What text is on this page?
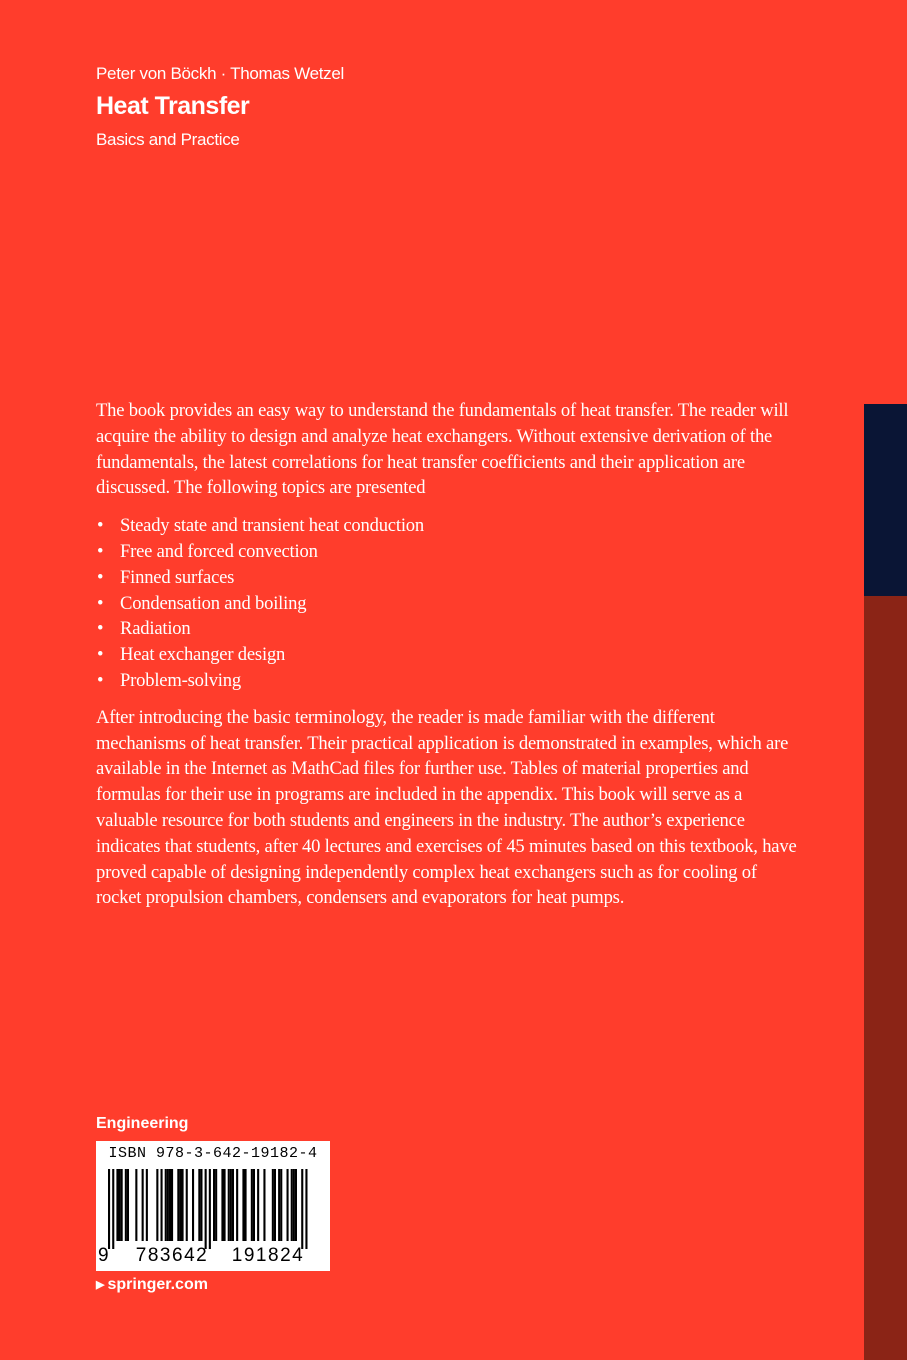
Peter von Böckh · Thomas Wetzel
Heat Transfer
Basics and Practice

The book provides an easy way to understand the fundamentals of heat transfer. The reader will acquire the ability to design and analyze heat exchangers. Without extensive derivation of the fundamentals, the latest correlations for heat transfer coefficients and their application are discussed. The following topics are presented

• Steady state and transient heat conduction
• Free and forced convection
• Finned surfaces
• Condensation and boiling
• Radiation
• Heat exchanger design
• Problem-solving

After introducing the basic terminology, the reader is made familiar with the different mechanisms of heat transfer. Their practical application is demonstrated in examples, which are available in the Internet as MathCad files for further use. Tables of material properties and formulas for their use in programs are included in the appendix. This book will serve as a valuable resource for both students and engineers in the industry. The author’s experience indicates that students, after 40 lectures and exercises of 45 minutes based on this textbook, have proved capable of designing independently complex heat exchangers such as for cooling of rocket propulsion chambers, condensers and evaporators for heat pumps.

Engineering
ISBN 978-3-642-19182-4
9	783642	191824
▶ springer.com
